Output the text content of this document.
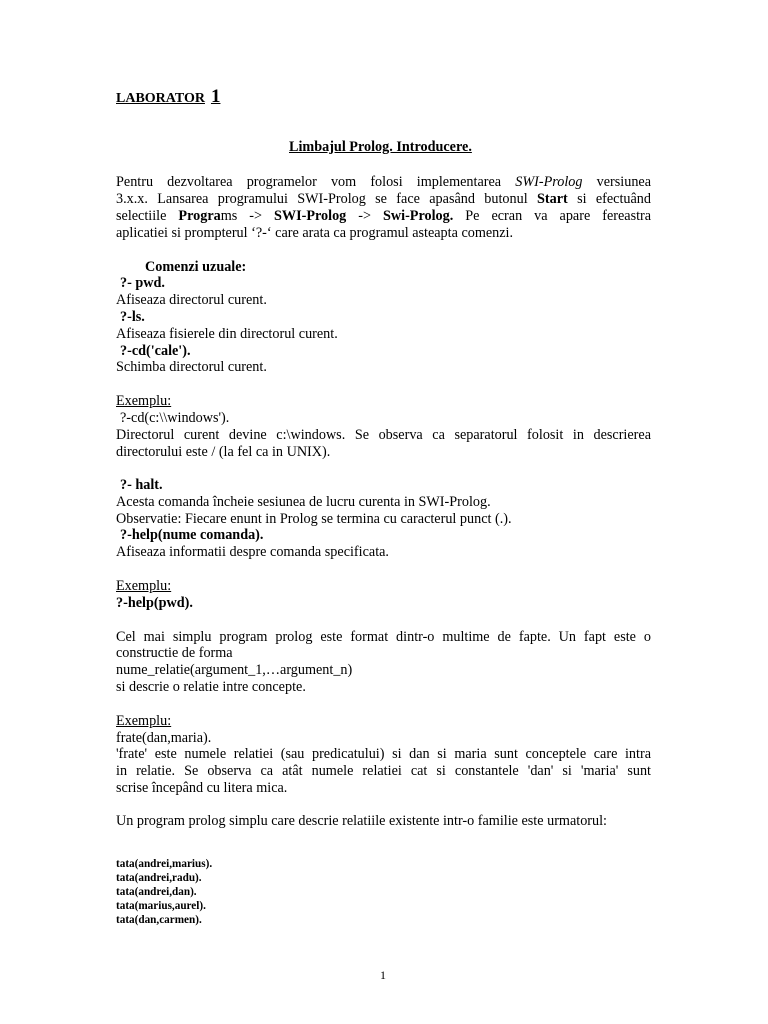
LABORATOR 1
Limbajul Prolog. Introducere.
Pentru dezvoltarea programelor vom folosi implementarea SWI-Prolog versiunea
3.x.x. Lansarea programului SWI-Prolog se face apasând butonul Start si efectuând
selectiile Programs -> SWI-Prolog -> Swi-Prolog. Pe ecran va apare fereastra
aplicatiei si prompterul ‘?-‘ care arata ca programul asteapta comenzi.
Comenzi uzuale:
?- pwd.
Afiseaza directorul curent.
?-ls.
Afiseaza fisierele din directorul curent.
?-cd('cale').
Schimba directorul curent.
Exemplu:
?-cd(c:\\windows').
Directorul curent devine c:\windows. Se observa ca separatorul folosit in descrierea
directorului este / (la fel ca in UNIX).
?- halt.
Acesta comanda încheie sesiunea de lucru curenta in SWI-Prolog.
Observatie: Fiecare enunt in Prolog se termina cu caracterul punct (.).
?-help(nume comanda).
Afiseaza informatii despre comanda specificata.
Exemplu:
?-help(pwd).
Cel mai simplu program prolog este format dintr-o multime de fapte. Un fapt este o
constructie de forma
nume_relatie(argument_1,…argument_n)
si descrie o relatie intre concepte.
Exemplu:
frate(dan,maria).
'frate' este numele relatiei (sau predicatului) si dan si maria sunt conceptele care intra
in relatie. Se observa ca atât numele relatiei cat si constantele 'dan' si 'maria' sunt
scrise începând cu litera mica.
Un program prolog simplu care descrie relatiile existente intr-o familie este urmatorul:
tata(andrei,marius).
tata(andrei,radu).
tata(andrei,dan).
tata(marius,aurel).
tata(dan,carmen).
1
